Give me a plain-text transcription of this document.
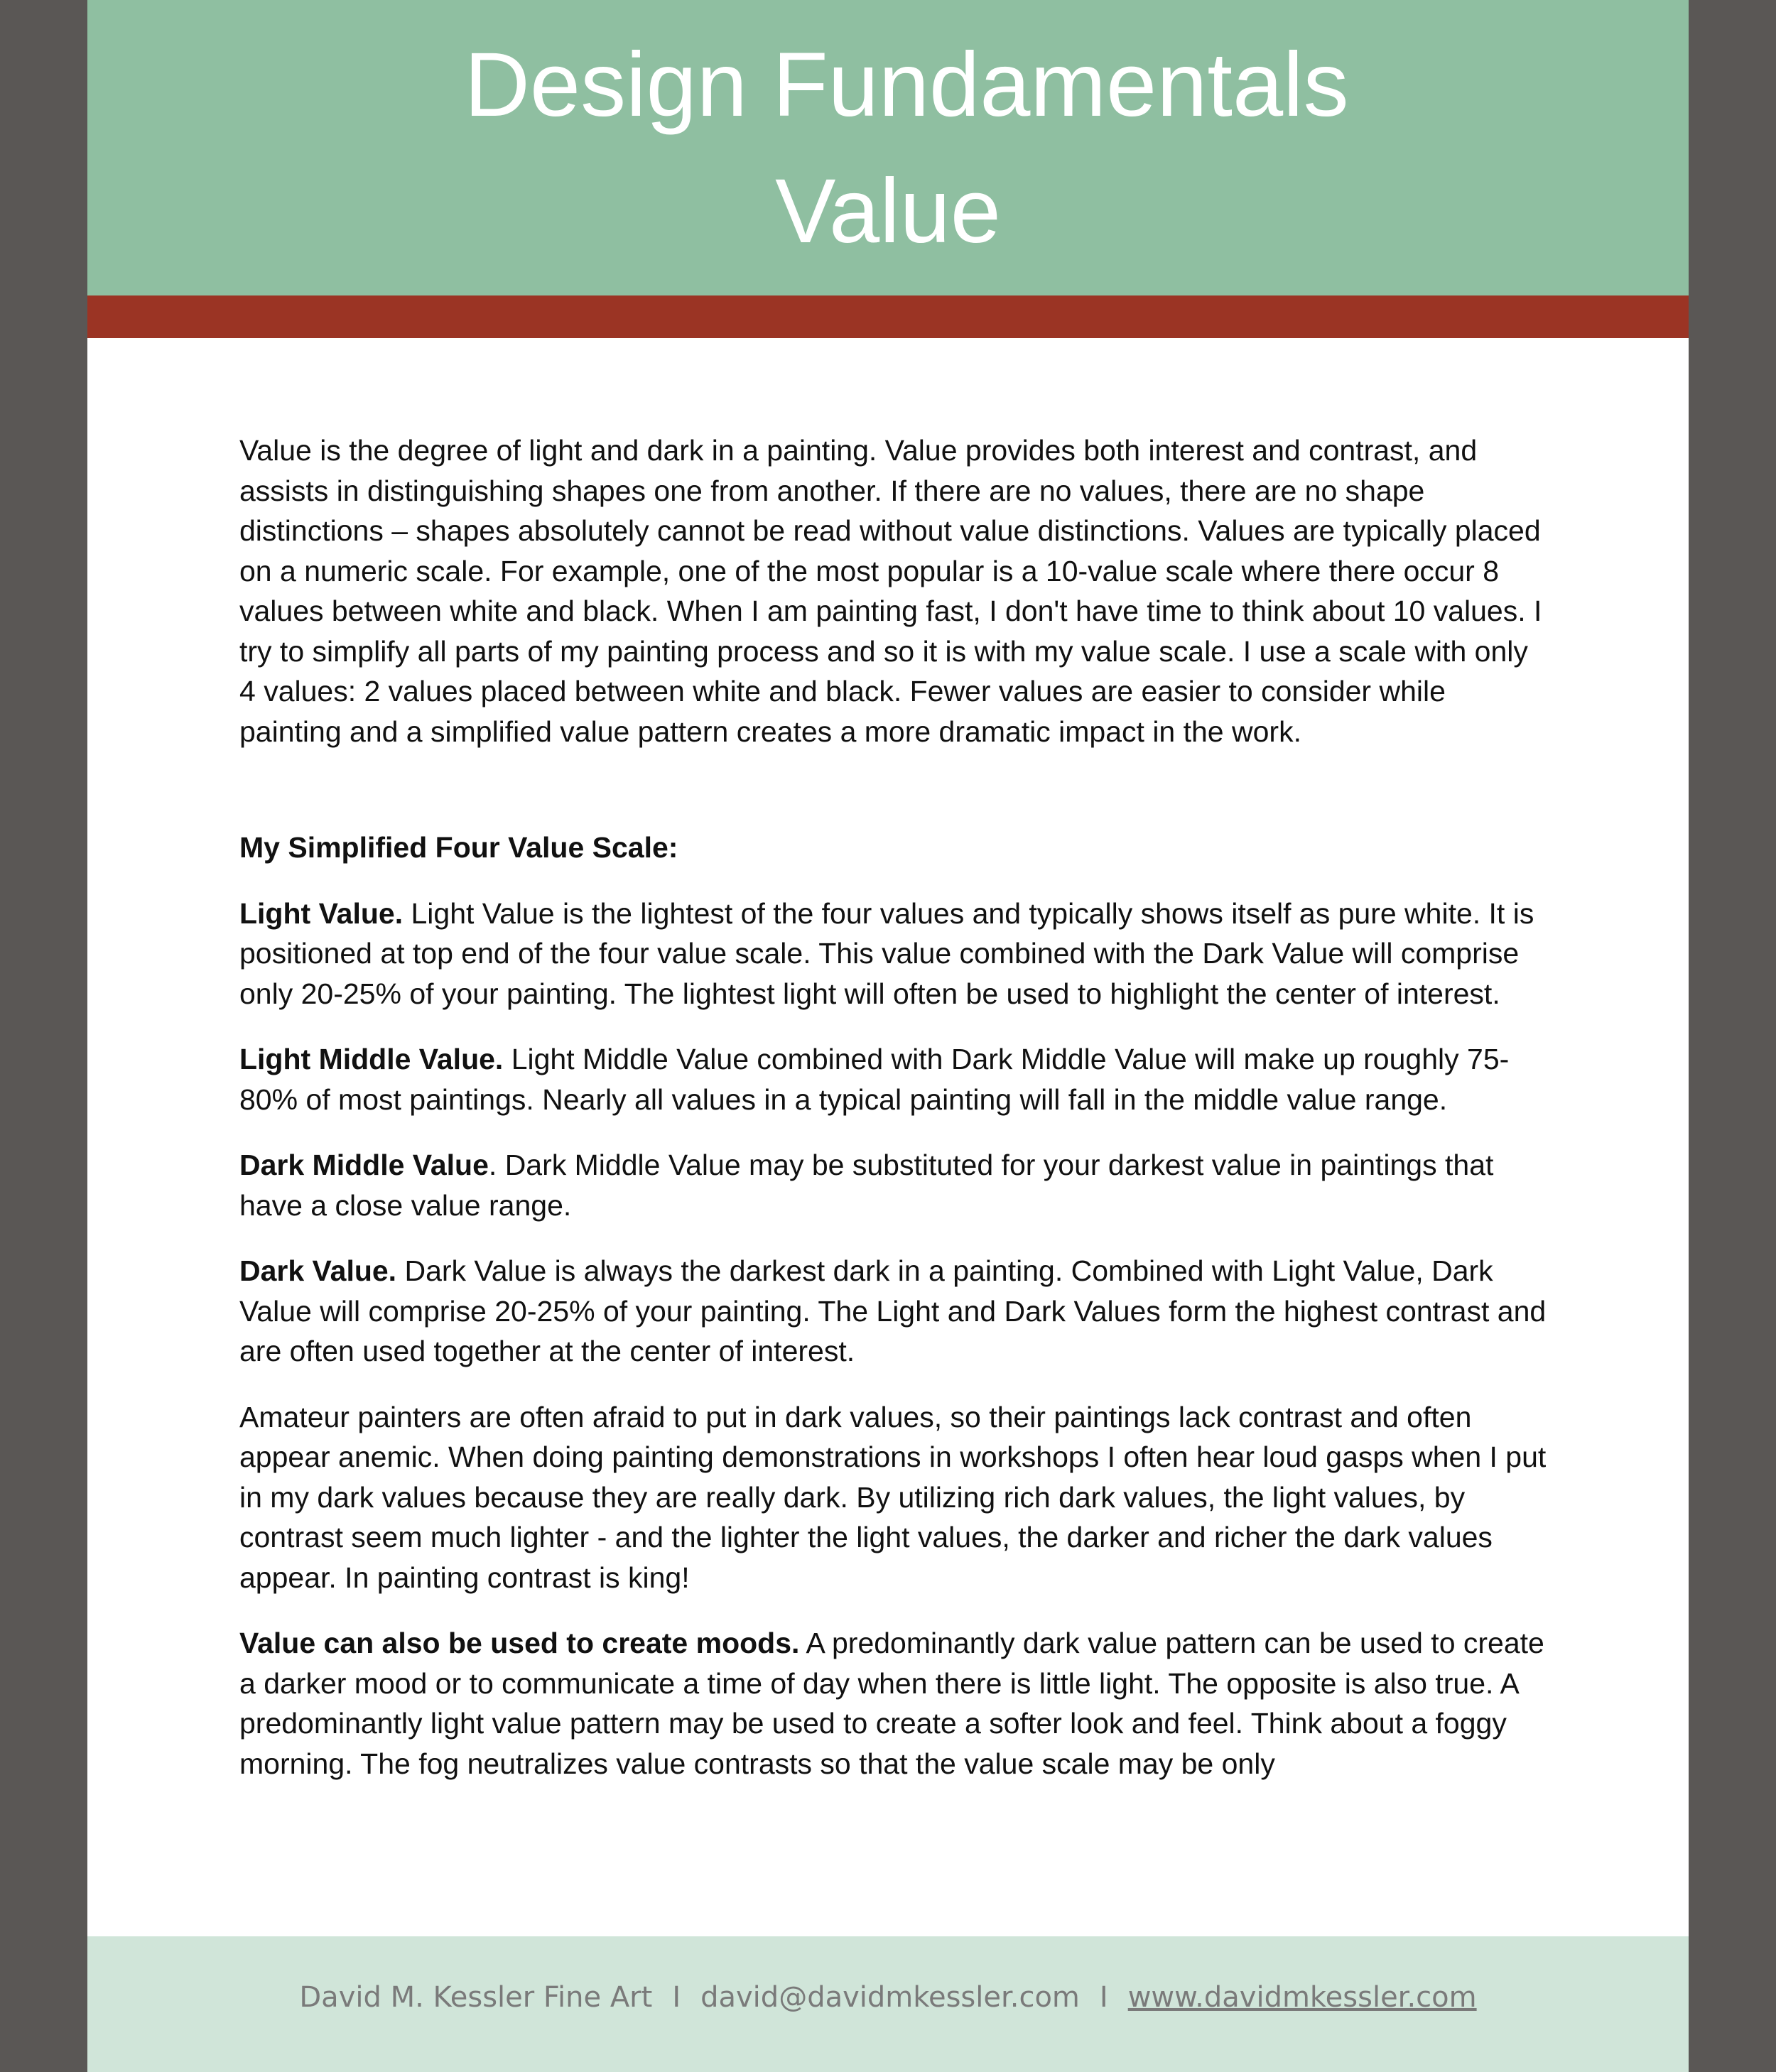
Design Fundamentals
Value

Value is the degree of light and dark in a painting. Value provides both interest and contrast, and assists in distinguishing shapes one from another. If there are no values, there are no shape distinctions – shapes absolutely cannot be read without value distinctions. Values are typically placed on a numeric scale. For example, one of the most popular is a 10-value scale where there occur 8 values between white and black. When I am painting fast, I don't have time to think about 10 values. I try to simplify all parts of my painting process and so it is with my value scale. I use a scale with only 4 values: 2 values placed between white and black. Fewer values are easier to consider while painting and a simplified value pattern creates a more dramatic impact in the work.

My Simplified Four Value Scale:

Light Value. Light Value is the lightest of the four values and typically shows itself as pure white. It is positioned at top end of the four value scale. This value combined with the Dark Value will comprise only 20-25% of your painting. The lightest light will often be used to highlight the center of interest.

Light Middle Value. Light Middle Value combined with Dark Middle Value will make up roughly 75-80% of most paintings. Nearly all values in a typical painting will fall in the middle value range.

Dark Middle Value. Dark Middle Value may be substituted for your darkest value in paintings that have a close value range.

Dark Value. Dark Value is always the darkest dark in a painting. Combined with Light Value, Dark Value will comprise 20-25% of your painting. The Light and Dark Values form the highest contrast and are often used together at the center of interest.

Amateur painters are often afraid to put in dark values, so their paintings lack contrast and often appear anemic. When doing painting demonstrations in workshops I often hear loud gasps when I put in my dark values because they are really dark. By utilizing rich dark values, the light values, by contrast seem much lighter - and the lighter the light values, the darker and richer the dark values appear. In painting contrast is king!

Value can also be used to create moods. A predominantly dark value pattern can be used to create a darker mood or to communicate a time of day when there is little light. The opposite is also true. A predominantly light value pattern may be used to create a softer look and feel. Think about a foggy morning. The fog neutralizes value contrasts so that the value scale may be only

David M. Kessler Fine Art I david@davidmkessler.com I www.davidmkessler.com
